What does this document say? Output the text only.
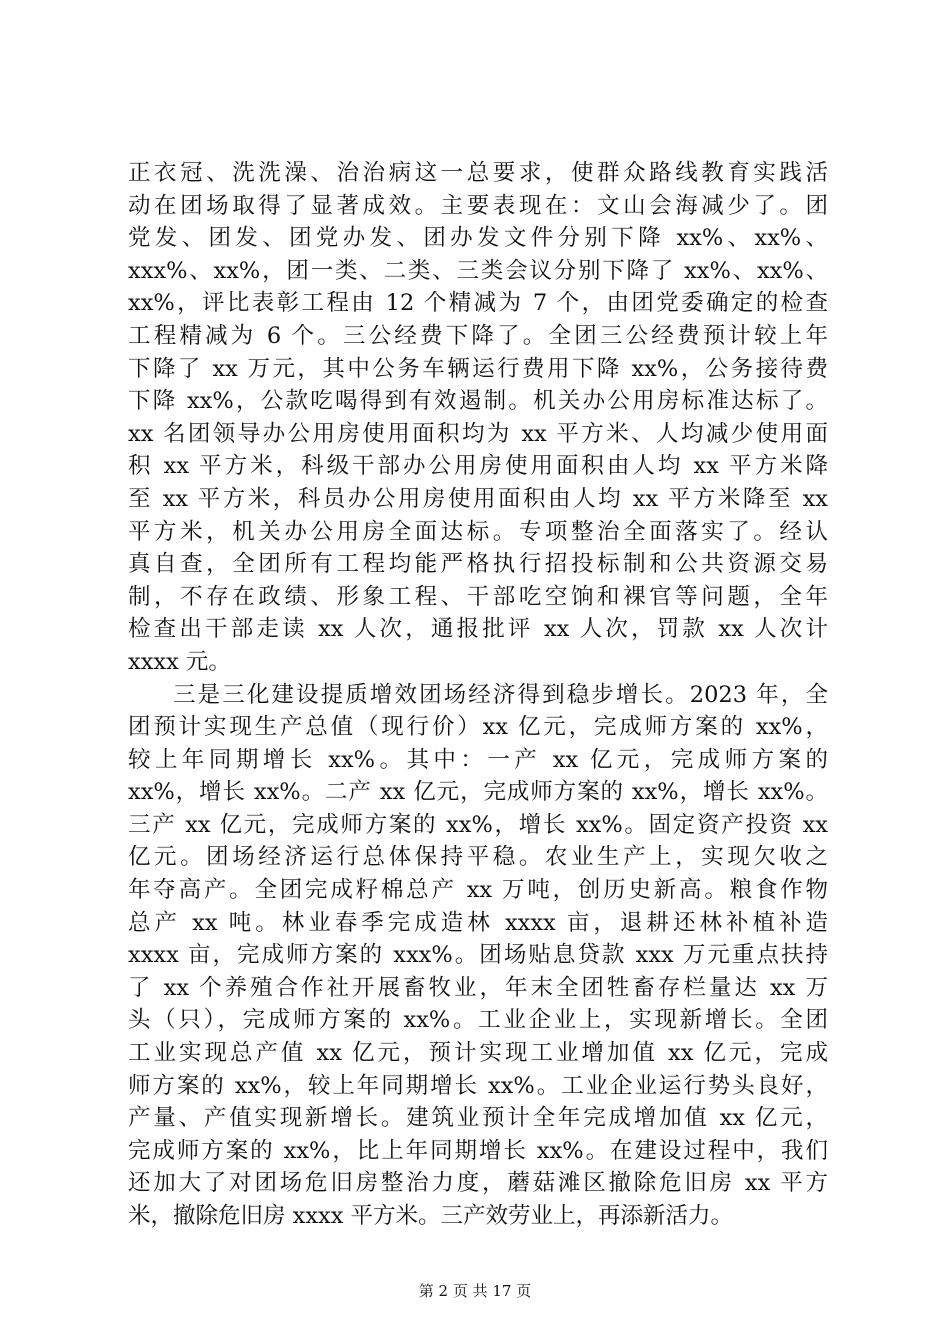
正衣冠、洗洗澡、治治病这一总要求，使群众路线教育实践活
动在团场取得了显著成效。主要表现在：文山会海减少了。团
党发、团发、团党办发、团办发文件分别下降 xx%、xx%、
xxx%、xx%，团一类、二类、三类会议分别下降了 xx%、xx%、
xx%，评比表彰工程由 12 个精减为 7 个，由团党委确定的检查
工程精减为 6 个。三公经费下降了。全团三公经费预计较上年
下降了 xx 万元，其中公务车辆运行费用下降 xx%，公务接待费
下降 xx%，公款吃喝得到有效遏制。机关办公用房标准达标了。
xx 名团领导办公用房使用面积均为 xx 平方米、人均减少使用面
积 xx 平方米，科级干部办公用房使用面积由人均 xx 平方米降
至 xx 平方米，科员办公用房使用面积由人均 xx 平方米降至 xx
平方米，机关办公用房全面达标。专项整治全面落实了。经认
真自查，全团所有工程均能严格执行招投标制和公共资源交易
制，不存在政绩、形象工程、干部吃空饷和裸官等问题，全年
检查出干部走读 xx 人次，通报批评 xx 人次，罚款 xx 人次计
xxxx 元。
三是三化建设提质增效团场经济得到稳步增长。2023 年，全
团预计实现生产总值（现行价）xx 亿元，完成师方案的 xx%，
较上年同期增长 xx%。其中：一产 xx 亿元，完成师方案的
xx%，增长 xx%。二产 xx 亿元，完成师方案的 xx%，增长 xx%。
三产 xx 亿元，完成师方案的 xx%，增长 xx%。固定资产投资 xx
亿元。团场经济运行总体保持平稳。农业生产上，实现欠收之
年夺高产。全团完成籽棉总产 xx 万吨，创历史新高。粮食作物
总产 xx 吨。林业春季完成造林 xxxx 亩，退耕还林补植补造
xxxx 亩，完成师方案的 xxx%。团场贴息贷款 xxx 万元重点扶持
了 xx 个养殖合作社开展畜牧业，年末全团牲畜存栏量达 xx 万
头（只），完成师方案的 xx%。工业企业上，实现新增长。全团
工业实现总产值 xx 亿元，预计实现工业增加值 xx 亿元，完成
师方案的 xx%，较上年同期增长 xx%。工业企业运行势头良好，
产量、产值实现新增长。建筑业预计全年完成增加值 xx 亿元，
完成师方案的 xx%，比上年同期增长 xx%。在建设过程中，我们
还加大了对团场危旧房整治力度，蘑菇滩区撤除危旧房 xx 平方
米，撤除危旧房 xxxx 平方米。三产效劳业上，再添新活力。
第 2 页 共 17 页
